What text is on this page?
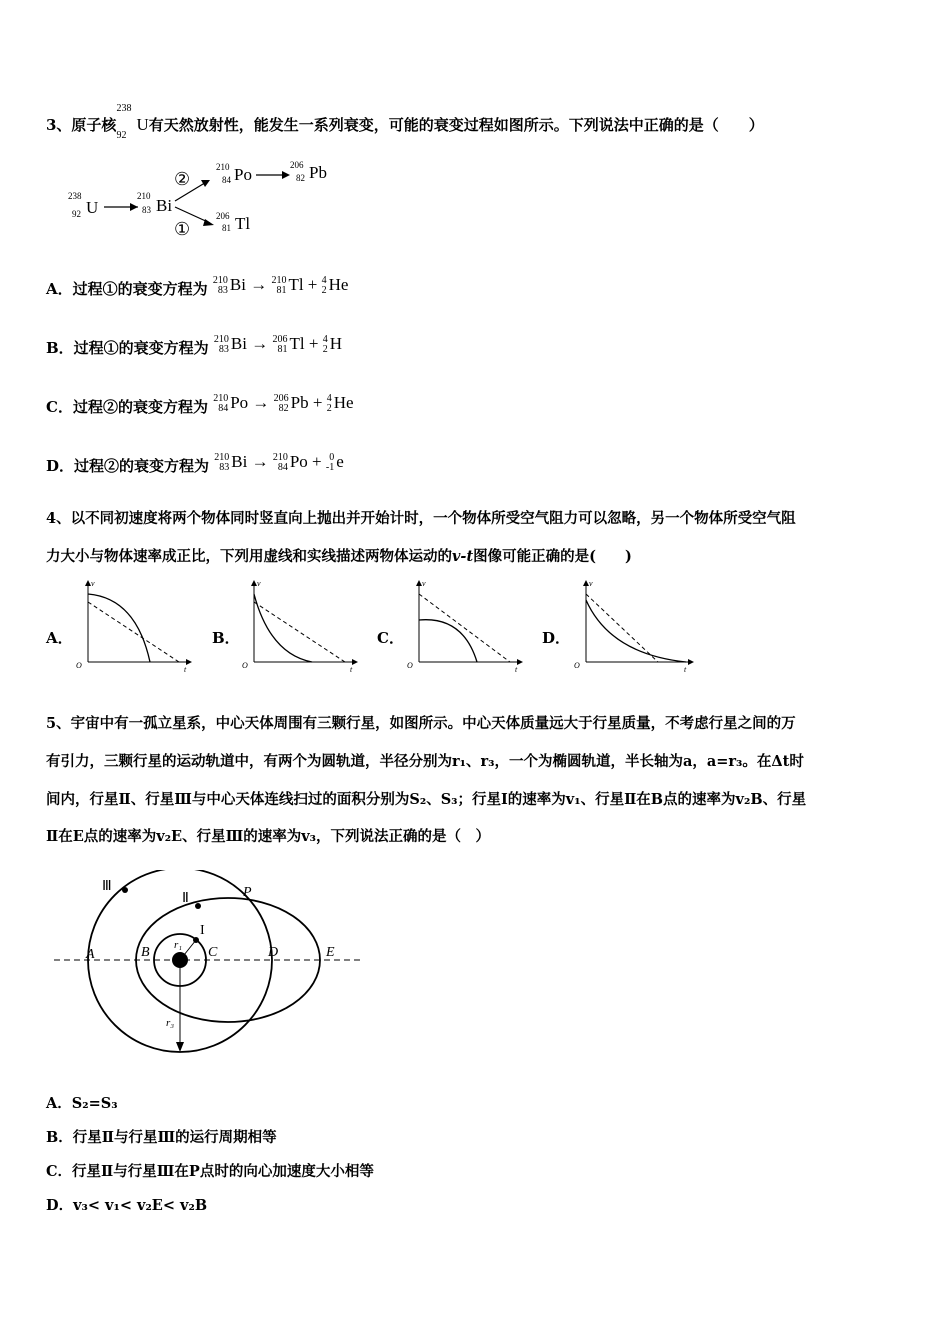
3、原子核
238
92
U有天然放射性，能发生一系列衰变，可能的衰变过程如图所示。下列说法中正确的是（　　）
238
92 U
210
83 Bi
②
①
210
84 Po	206
82 Pb
206
81 Tl
A．过程①的衰变方程为 210
83 Bi → 210
81 Tl + 4
2 He
B．过程①的衰变方程为 210
83 Bi → 206
81 Tl + 4
2 H
C．过程②的衰变方程为 210
84 Po → 206
82 Pb + 4
2 He
D．过程②的衰变方程为 210
83 Bi → 210
84 Po + 0
-1 e
4、以不同初速度将两个物体同时竖直向上抛出并开始计时，一个物体所受空气阻力可以忽略，另一个物体所受空气阻
力大小与物体速率成正比，下列用虚线和实线描述两物体运动的v-t图像可能正确的是(　　)
A．	B．	C．	D．
v
t
O
v
t
O
v
t
O
v
t
O
5、宇宙中有一孤立星系，中心天体周围有三颗行星，如图所示。中心天体质量远大于行星质量，不考虑行星之间的万
有引力，三颗行星的运动轨道中，有两个为圆轨道，半径分别为r₁、r₃，一个为椭圆轨道，半长轴为a，a=r₃。在Δt时
间内，行星Ⅱ、行星Ⅲ与中心天体连线扫过的面积分别为S₂、S₃；行星Ⅰ的速率为v₁、行星Ⅱ在B点的速率为v₂B、行星
Ⅱ在E点的速率为v₂E、行星Ⅲ的速率为v₃，下列说法正确的是（　）
Ⅲ
Ⅱ
I
P
A	B	C	D	E
r₁
r₃
A．S₂=S₃
B．行星Ⅱ与行星Ⅲ的运行周期相等
C．行星Ⅱ与行星Ⅲ在P点时的向心加速度大小相等
D．v₃< v₁< v₂E< v₂B
